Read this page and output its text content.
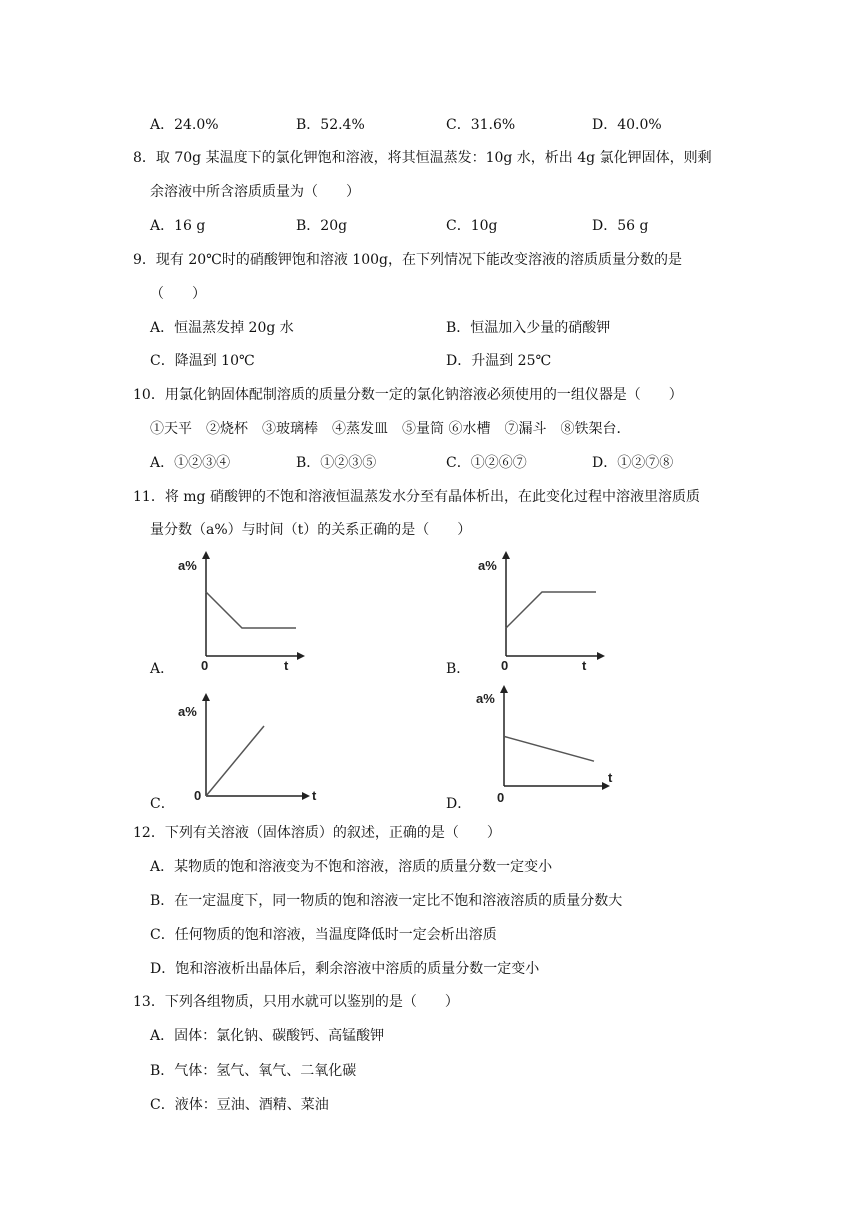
A．24.0%	B．52.4%	C．31.6%	D．40.0%
8．取 70g 某温度下的氯化钾饱和溶液，将其恒温蒸发：10g 水，析出 4g 氯化钾固体，则剩
余溶液中所含溶质质量为（　　）
A．16 g	B．20g	C．10g	D．56 g
9．现有 20℃时的硝酸钾饱和溶液 100g，在下列情况下能改变溶液的溶质质量分数的是
（　　）
A．恒温蒸发掉 20g 水	B．恒温加入少量的硝酸钾
C．降温到 10℃	D．升温到 25℃
10．用氯化钠固体配制溶质的质量分数一定的氯化钠溶液必须使用的一组仪器是（　　）
①天平　②烧杯　③玻璃棒　④蒸发皿　⑤量筒 ⑥水槽　⑦漏斗　⑧铁架台．
A．①②③④	B．①②③⑤	C．①②⑥⑦	D．①②⑦⑧
11．将 mg 硝酸钾的不饱和溶液恒温蒸发水分至有晶体析出，在此变化过程中溶液里溶质质
量分数（a%）与时间（t）的关系正确的是（　　）
A．	B．
C．	D．
a%
t
0
a%
t
0
a%
t
0
a%
t
0
12．下列有关溶液（固体溶质）的叙述，正确的是（　　）
A．某物质的饱和溶液变为不饱和溶液，溶质的质量分数一定变小
B．在一定温度下，同一物质的饱和溶液一定比不饱和溶液溶质的质量分数大
C．任何物质的饱和溶液，当温度降低时一定会析出溶质
D．饱和溶液析出晶体后，剩余溶液中溶质的质量分数一定变小
13．下列各组物质，只用水就可以鉴别的是（　　）
A．固体：氯化钠、碳酸钙、高锰酸钾
B．气体：氢气、氧气、二氧化碳
C．液体：豆油、酒精、菜油
